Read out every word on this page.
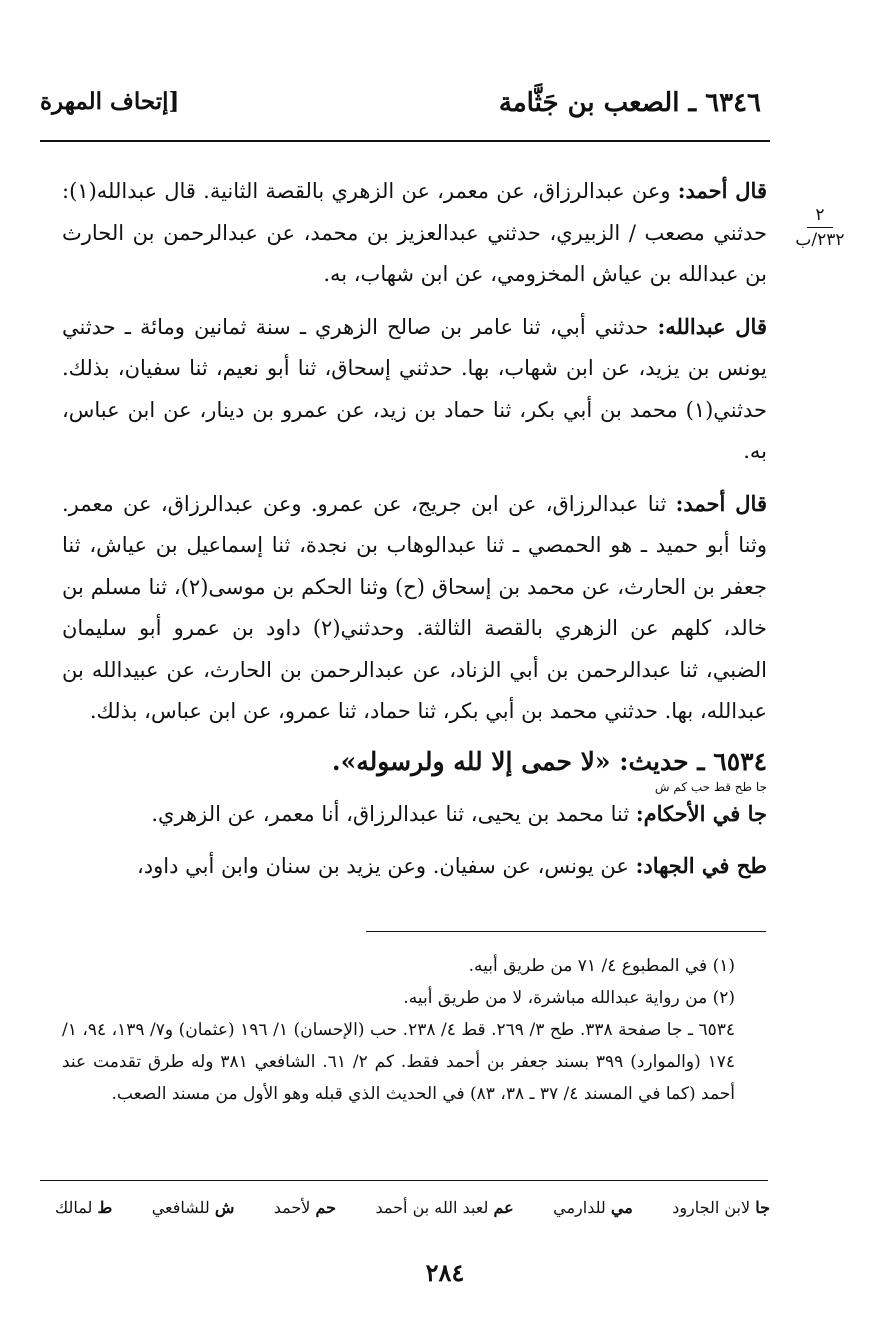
٦٣٤٦ ـ الصعب بن جَثَّامة
[إتحاف المهرة
٢
٢٣٢/ب

قال أحمد: وعن عبدالرزاق، عن معمر، عن الزهري بالقصة الثانية. قال عبدالله(١): حدثني مصعب / الزبيري، حدثني عبدالعزيز بن محمد، عن عبدالرحمن بن الحارث بن عبدالله بن عياش المخزومي، عن ابن شهاب، به.

قال عبدالله: حدثني أبي، ثنا عامر بن صالح الزهري ـ سنة ثمانين ومائة ـ حدثني يونس بن يزيد، عن ابن شهاب، بها. حدثني إسحاق، ثنا أبو نعيم، ثنا سفيان، بذلك. حدثني(١) محمد بن أبي بكر، ثنا حماد بن زيد، عن عمرو بن دينار، عن ابن عباس، به.

قال أحمد: ثنا عبدالرزاق، عن ابن جريج، عن عمرو. وعن عبدالرزاق، عن معمر. وثنا أبو حميد ـ هو الحمصي ـ ثنا عبدالوهاب بن نجدة، ثنا إسماعيل بن عياش، ثنا جعفر بن الحارث، عن محمد بن إسحاق (ح) وثنا الحكم بن موسى(٢)، ثنا مسلم بن خالد، كلهم عن الزهري بالقصة الثالثة. وحدثني(٢) داود بن عمرو أبو سليمان الضبي، ثنا عبدالرحمن بن أبي الزناد، عن عبدالرحمن بن الحارث، عن عبيدالله بن عبدالله، بها. حدثني محمد بن أبي بكر، ثنا حماد، ثنا عمرو، عن ابن عباس، بذلك.

٦٥٣٤ ـ حديث: «لا حمى إلا لله ولرسوله».

جا طح قط حب كم ش

جا في الأحكام: ثنا محمد بن يحيى، ثنا عبدالرزاق، أنا معمر، عن الزهري.

طح في الجهاد: عن يونس، عن سفيان. وعن يزيد بن سنان وابن أبي داود،

(١) في المطبوع ٤/ ٧١ من طريق أبيه.

(٢) من رواية عبدالله مباشرة، لا من طريق أبيه.

٦٥٣٤ ـ جا صفحة ٣٣٨. طح ٣/ ٢٦٩. قط ٤/ ٢٣٨. حب (الإحسان) ١/ ١٩٦ (عثمان) و٧/ ١٣٩، ٩٤، ١/ ١٧٤ (والموارد) ٣٩٩ بسند جعفر بن أحمد فقط. كم ٢/ ٦١. الشافعي ٣٨١ وله طرق تقدمت عند أحمد (كما في المسند ٤/ ٣٧ ـ ٣٨، ٨٣) في الحديث الذي قبله وهو الأول من مسند الصعب.

ط لمالك	ش للشافعي	حم لأحمد	عم لعبد الله بن أحمد	مي للدارمي	جا لابن الجارود
٢٨٤
